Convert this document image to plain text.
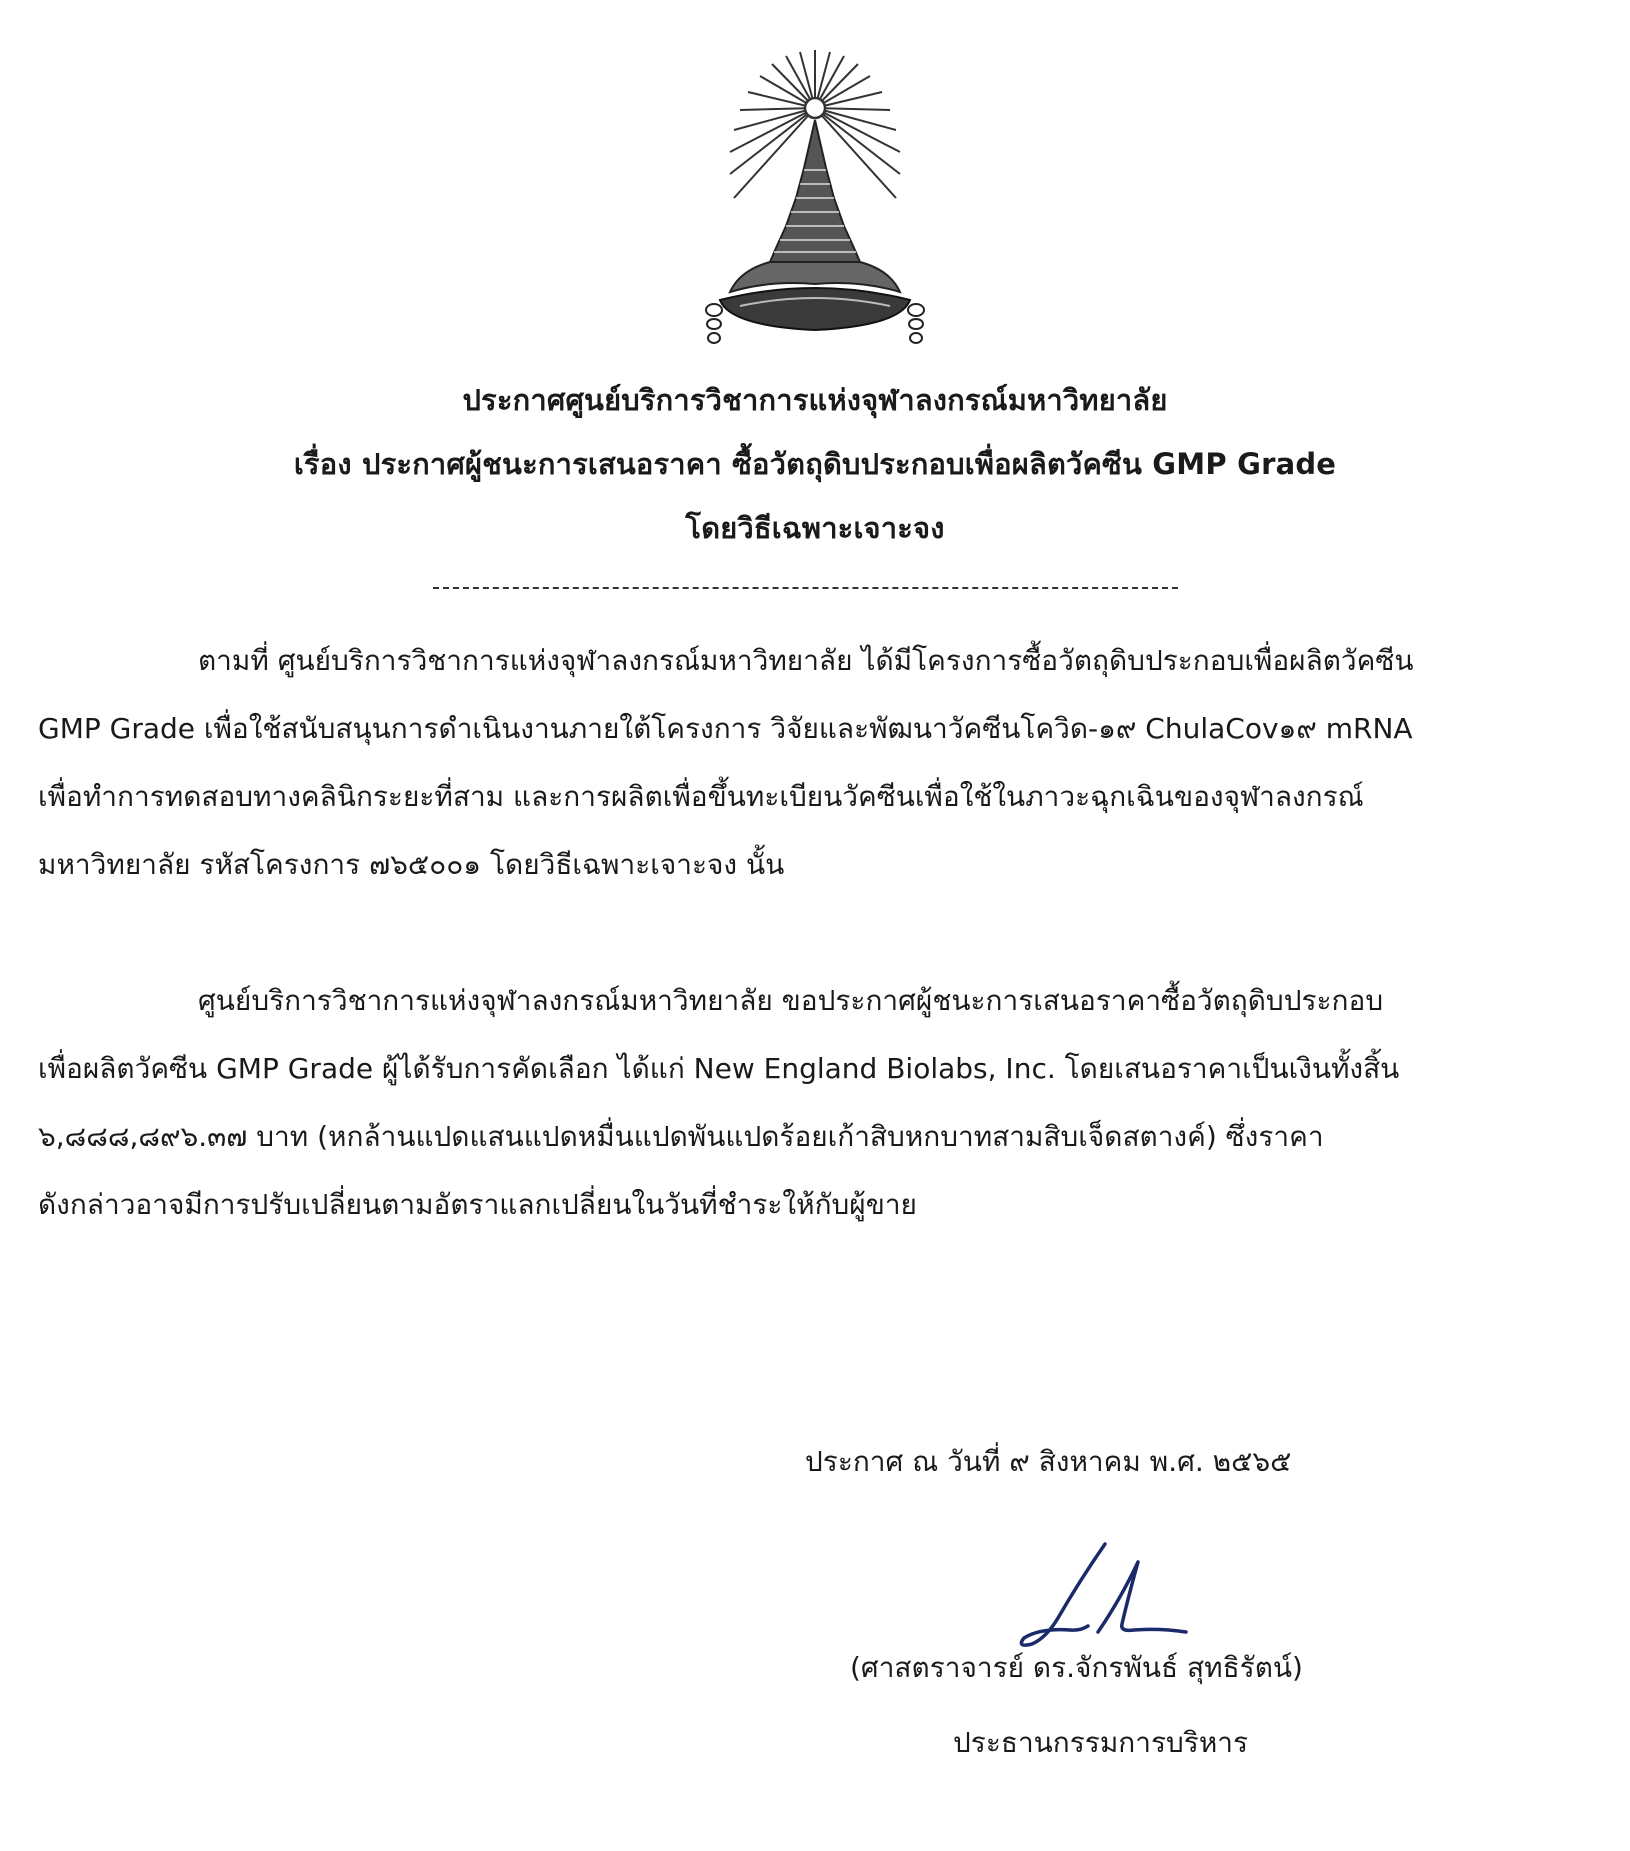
ประกาศศูนย์บริการวิชาการแห่งจุฬาลงกรณ์มหาวิทยาลัย
เรื่อง ประกาศผู้ชนะการเสนอราคา ซื้อวัตถุดิบประกอบเพื่อผลิตวัคซีน GMP Grade
โดยวิธีเฉพาะเจาะจง

ตามที่ ศูนย์บริการวิชาการแห่งจุฬาลงกรณ์มหาวิทยาลัย ได้มีโครงการซื้อวัตถุดิบประกอบเพื่อผลิตวัคซีน

GMP Grade เพื่อใช้สนับสนุนการดำเนินงานภายใต้โครงการ วิจัยและพัฒนาวัคซีนโควิด-๑๙ ChulaCov๑๙ mRNA

เพื่อทำการทดสอบทางคลินิกระยะที่สาม และการผลิตเพื่อขึ้นทะเบียนวัคซีนเพื่อใช้ในภาวะฉุกเฉินของจุฬาลงกรณ์

มหาวิทยาลัย รหัสโครงการ ๗๖๕๐๐๑ โดยวิธีเฉพาะเจาะจง นั้น

ศูนย์บริการวิชาการแห่งจุฬาลงกรณ์มหาวิทยาลัย ขอประกาศผู้ชนะการเสนอราคาซื้อวัตถุดิบประกอบ

เพื่อผลิตวัคซีน GMP Grade ผู้ได้รับการคัดเลือก ได้แก่ New England Biolabs, Inc. โดยเสนอราคาเป็นเงินทั้งสิ้น

๖,๘๘๘,๘๙๖.๓๗ บาท (หกล้านแปดแสนแปดหมื่นแปดพันแปดร้อยเก้าสิบหกบาทสามสิบเจ็ดสตางค์) ซึ่งราคา

ดังกล่าวอาจมีการปรับเปลี่ยนตามอัตราแลกเปลี่ยนในวันที่ชำระให้กับผู้ขาย

ประกาศ ณ วันที่ ๙ สิงหาคม พ.ศ. ๒๕๖๕
(ศาสตราจารย์ ดร.จักรพันธ์ สุทธิรัตน์)
ประธานกรรมการบริหาร
